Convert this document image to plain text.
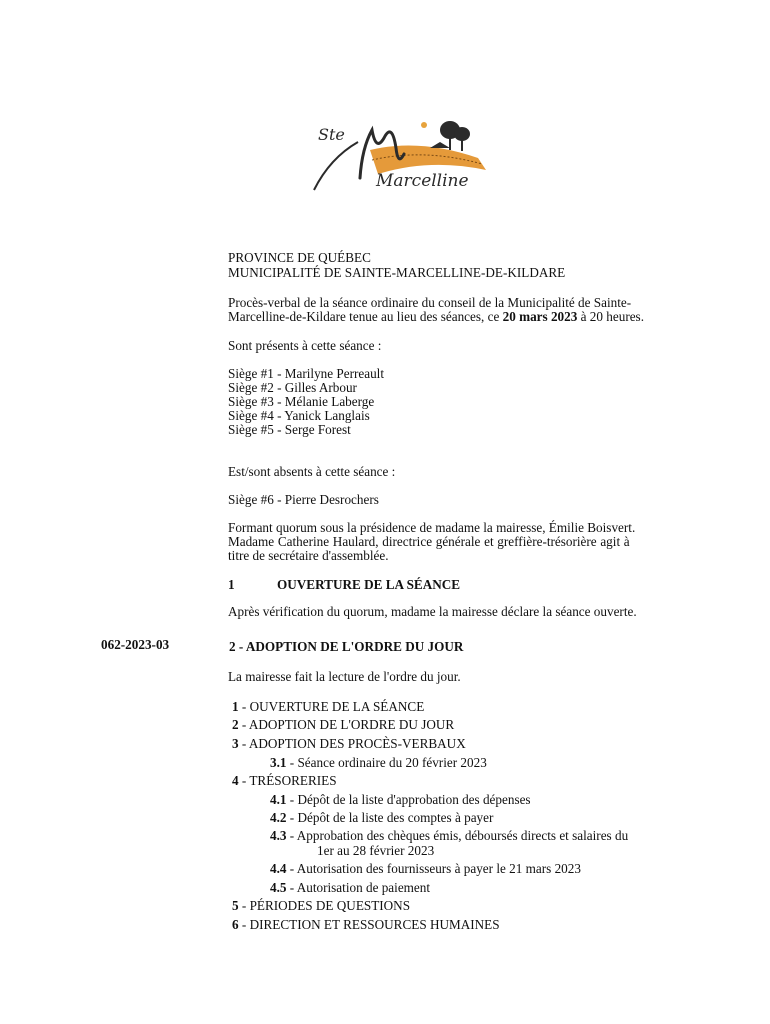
Ste
Marcelline
PROVINCE DE QUÉBEC
MUNICIPALITÉ DE SAINTE-MARCELLINE-DE-KILDARE
Procès-verbal de la séance ordinaire du conseil de la Municipalité de Sainte-
Marcelline-de-Kildare tenue au lieu des séances, ce 20 mars 2023 à 20 heures.
Sont présents à cette séance :
Siège #1 - Marilyne Perreault
Siège #2 - Gilles Arbour
Siège #3 - Mélanie Laberge
Siège #4 - Yanick Langlais
Siège #5 - Serge Forest
Est/sont absents à cette séance :
Siège #6 - Pierre Desrochers
Formant quorum sous la présidence de madame la mairesse, Émilie Boisvert.
Madame Catherine Haulard, directrice générale et greffière-trésorière agit à
titre de secrétaire d'assemblée.
1	OUVERTURE DE LA SÉANCE
Après vérification du quorum, madame la mairesse déclare la séance ouverte.
062-2023-03	2 - ADOPTION DE L'ORDRE DU JOUR
La mairesse fait la lecture de l'ordre du jour.
1 - OUVERTURE DE LA SÉANCE
2 - ADOPTION DE L'ORDRE DU JOUR
3 - ADOPTION DES PROCÈS-VERBAUX
3.1 - Séance ordinaire du 20 février 2023
4 - TRÉSORERIES
4.1 - Dépôt de la liste d'approbation des dépenses
4.2 - Dépôt de la liste des comptes à payer
4.3 - Approbation des chèques émis, déboursés directs et salaires du
1er au 28 février 2023
4.4 - Autorisation des fournisseurs à payer le 21 mars 2023
4.5 - Autorisation de paiement
5 - PÉRIODES DE QUESTIONS
6 - DIRECTION ET RESSOURCES HUMAINES
